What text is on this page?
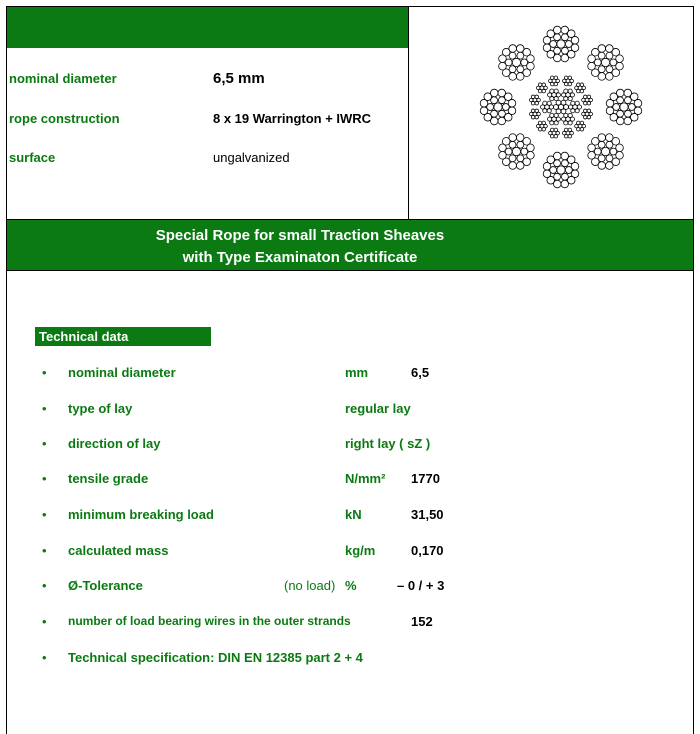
nominal diameter	6,5 mm
rope construction	8 x 19 Warrington + IWRC
surface	ungalvanized
Special Rope for small Traction Sheaves
with Type Examinaton Certificate
Technical data
• nominal diameter	mm	6,5
• type of lay	regular lay
• direction of lay	right lay ( sZ )
• tensile grade	N/mm² 1770
• minimum breaking load	kN	31,50
• calculated mass	kg/m	0,170
• Ø-Tolerance	(no load) %	– 0 / + 3
• number of load bearing wires in the outer strands	152
• Technical specification: DIN EN 12385 part 2 + 4
